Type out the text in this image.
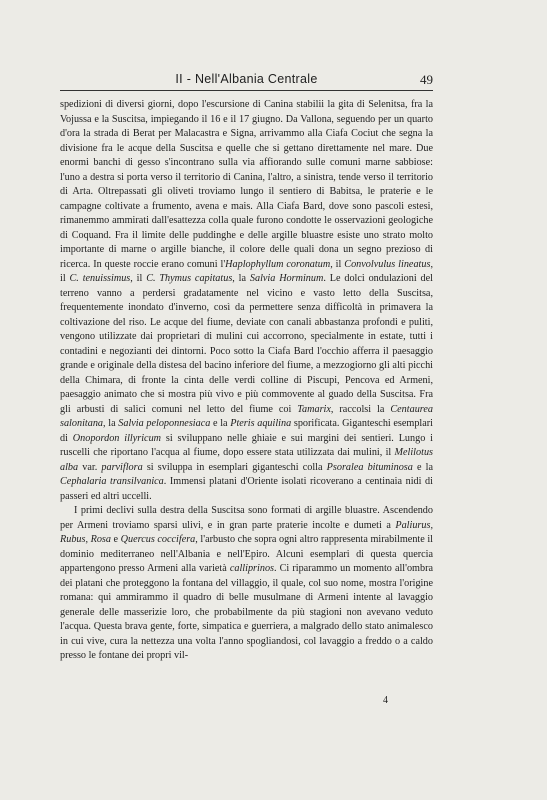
II - Nell'Albania Centrale	49

spedizioni di diversi giorni, dopo l'escursione di Canina stabilii la gita di Selenitsa, fra la Vojussa e la Suscitsa, impiegando il 16 e il 17 giugno. Da Vallona, seguendo per un quarto d'ora la strada di Berat per Malacastra e Signa, arrivammo alla Ciafa Cociut che segna la divisione fra le acque della Suscitsa e quelle che si gettano direttamente nel mare. Due enormi banchi di gesso s'incontrano sulla via affiorando sulle comuni marne sabbiose: l'uno a destra si porta verso il territorio di Canina, l'altro, a sinistra, tende verso il territorio di Arta. Oltrepassati gli oliveti troviamo lungo il sentiero di Babitsa, le praterie e le campagne coltivate a frumento, avena e mais. Alla Ciafa Bard, dove sono pascoli estesi, rimanemmo ammirati dall'esattezza colla quale furono condotte le osservazioni geologiche di Coquand. Fra il limite delle puddinghe e delle argille bluastre esiste uno strato molto importante di marne o argille bianche, il colore delle quali dona un segno prezioso di ricerca. In queste roccie erano comuni l'Haplophyllum coronatum, il Convolvulus lineatus, il C. tenuissimus, il C. Thymus capitatus, la Salvia Horminum. Le dolci ondulazioni del terreno vanno a perdersi gradatamente nel vicino e vasto letto della Suscitsa, frequentemente inondato d'inverno, così da permettere senza difficoltà in primavera la coltivazione del riso. Le acque del fiume, deviate con canali abbastanza profondi e puliti, vengono utilizzate dai proprietari di mulini cui accorrono, specialmente in estate, tutti i contadini e negozianti dei dintorni. Poco sotto la Ciafa Bard l'occhio afferra il paesaggio grande e originale della distesa del bacino inferiore del fiume, a mezzogiorno gli alti picchi della Chimara, di fronte la cinta delle verdi colline di Piscupi, Pencova ed Armeni, paesaggio animato che si mostra più vivo e più commovente al guado della Suscitsa. Fra gli arbusti di salici comuni nel letto del fiume coi Tamarix, raccolsi la Centaurea salonitana, la Salvia peloponnesiaca e la Pteris aquilina sporificata. Giganteschi esemplari di Onopordon illyricum si sviluppano nelle ghiaie e sui margini dei sentieri. Lungo i ruscelli che riportano l'acqua al fiume, dopo essere stata utilizzata dai mulini, il Melilotus alba var. parviflora si sviluppa in esemplari giganteschi colla Psoralea bituminosa e la Cephalaria transilvanica. Immensi platani d'Oriente isolati ricoverano a centinaia nidi di passeri ed altri uccelli.

I primi declivi sulla destra della Suscitsa sono formati di argille bluastre. Ascendendo per Armeni troviamo sparsi ulivi, e in gran parte praterie incolte e dumeti a Paliurus, Rubus, Rosa e Quercus coccifera, l'arbusto che sopra ogni altro rappresenta mirabilmente il dominio mediterraneo nell'Albania e nell'Epiro. Alcuni esemplari di questa quercia appartengono presso Armeni alla varietà calliprinos. Ci riparammo un momento all'ombra dei platani che proteggono la fontana del villaggio, il quale, col suo nome, mostra l'origine romana: qui ammirammo il quadro di belle musulmane di Armeni intente al lavaggio generale delle masserizie loro, che probabilmente da più stagioni non avevano veduto l'acqua. Questa brava gente, forte, simpatica e guerriera, a malgrado dello stato animalesco in cui vive, cura la nettezza una volta l'anno spogliandosi, col lavaggio a freddo o a caldo presso le fontane dei propri vil-

4
